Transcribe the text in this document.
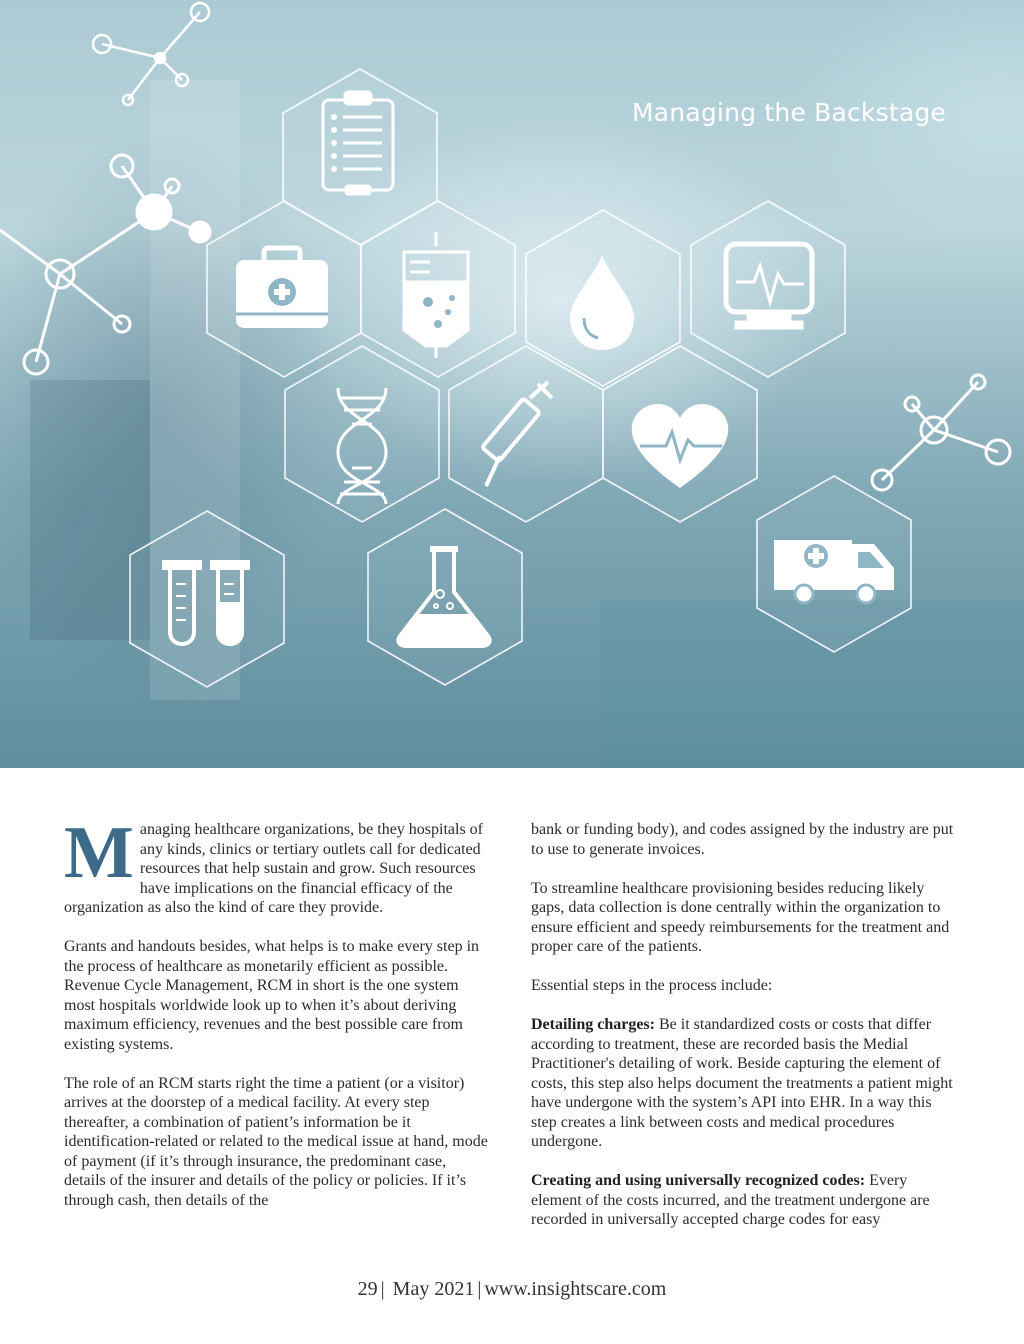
Managing the Backstage

Managing healthcare organizations, be they hospitals of any kinds, clinics or tertiary outlets call for dedicated resources that help sustain and grow. Such resources have implications on the financial efficacy of the organization as also the kind of care they provide.

Grants and handouts besides, what helps is to make every step in the process of healthcare as monetarily efficient as possible. Revenue Cycle Management, RCM in short is the one system most hospitals worldwide look up to when it’s about deriving maximum efficiency, revenues and the best possible care from existing systems.

The role of an RCM starts right the time a patient (or a visitor) arrives at the doorstep of a medical facility. At every step thereafter, a combination of patient’s information be it identification-related or related to the medical issue at hand, mode of payment (if it’s through insurance, the predominant case, details of the insurer and details of the policy or policies. If it’s through cash, then details of the

bank or funding body), and codes assigned by the industry are put to use to generate invoices.

To streamline healthcare provisioning besides reducing likely gaps, data collection is done centrally within the organization to ensure efficient and speedy reimbursements for the treatment and proper care of the patients.

Essential steps in the process include:

Detailing charges: Be it standardized costs or costs that differ according to treatment, these are recorded basis the Medial Practitioner's detailing of work. Beside capturing the element of costs, this step also helps document the treatments a patient might have undergone with the system’s API into EHR. In a way this step creates a link between costs and medical procedures undergone.

Creating and using universally recognized codes: Every element of the costs incurred, and the treatment undergone are recorded in universally accepted charge codes for easy

29 | May 2021 | www.insightscare.com
